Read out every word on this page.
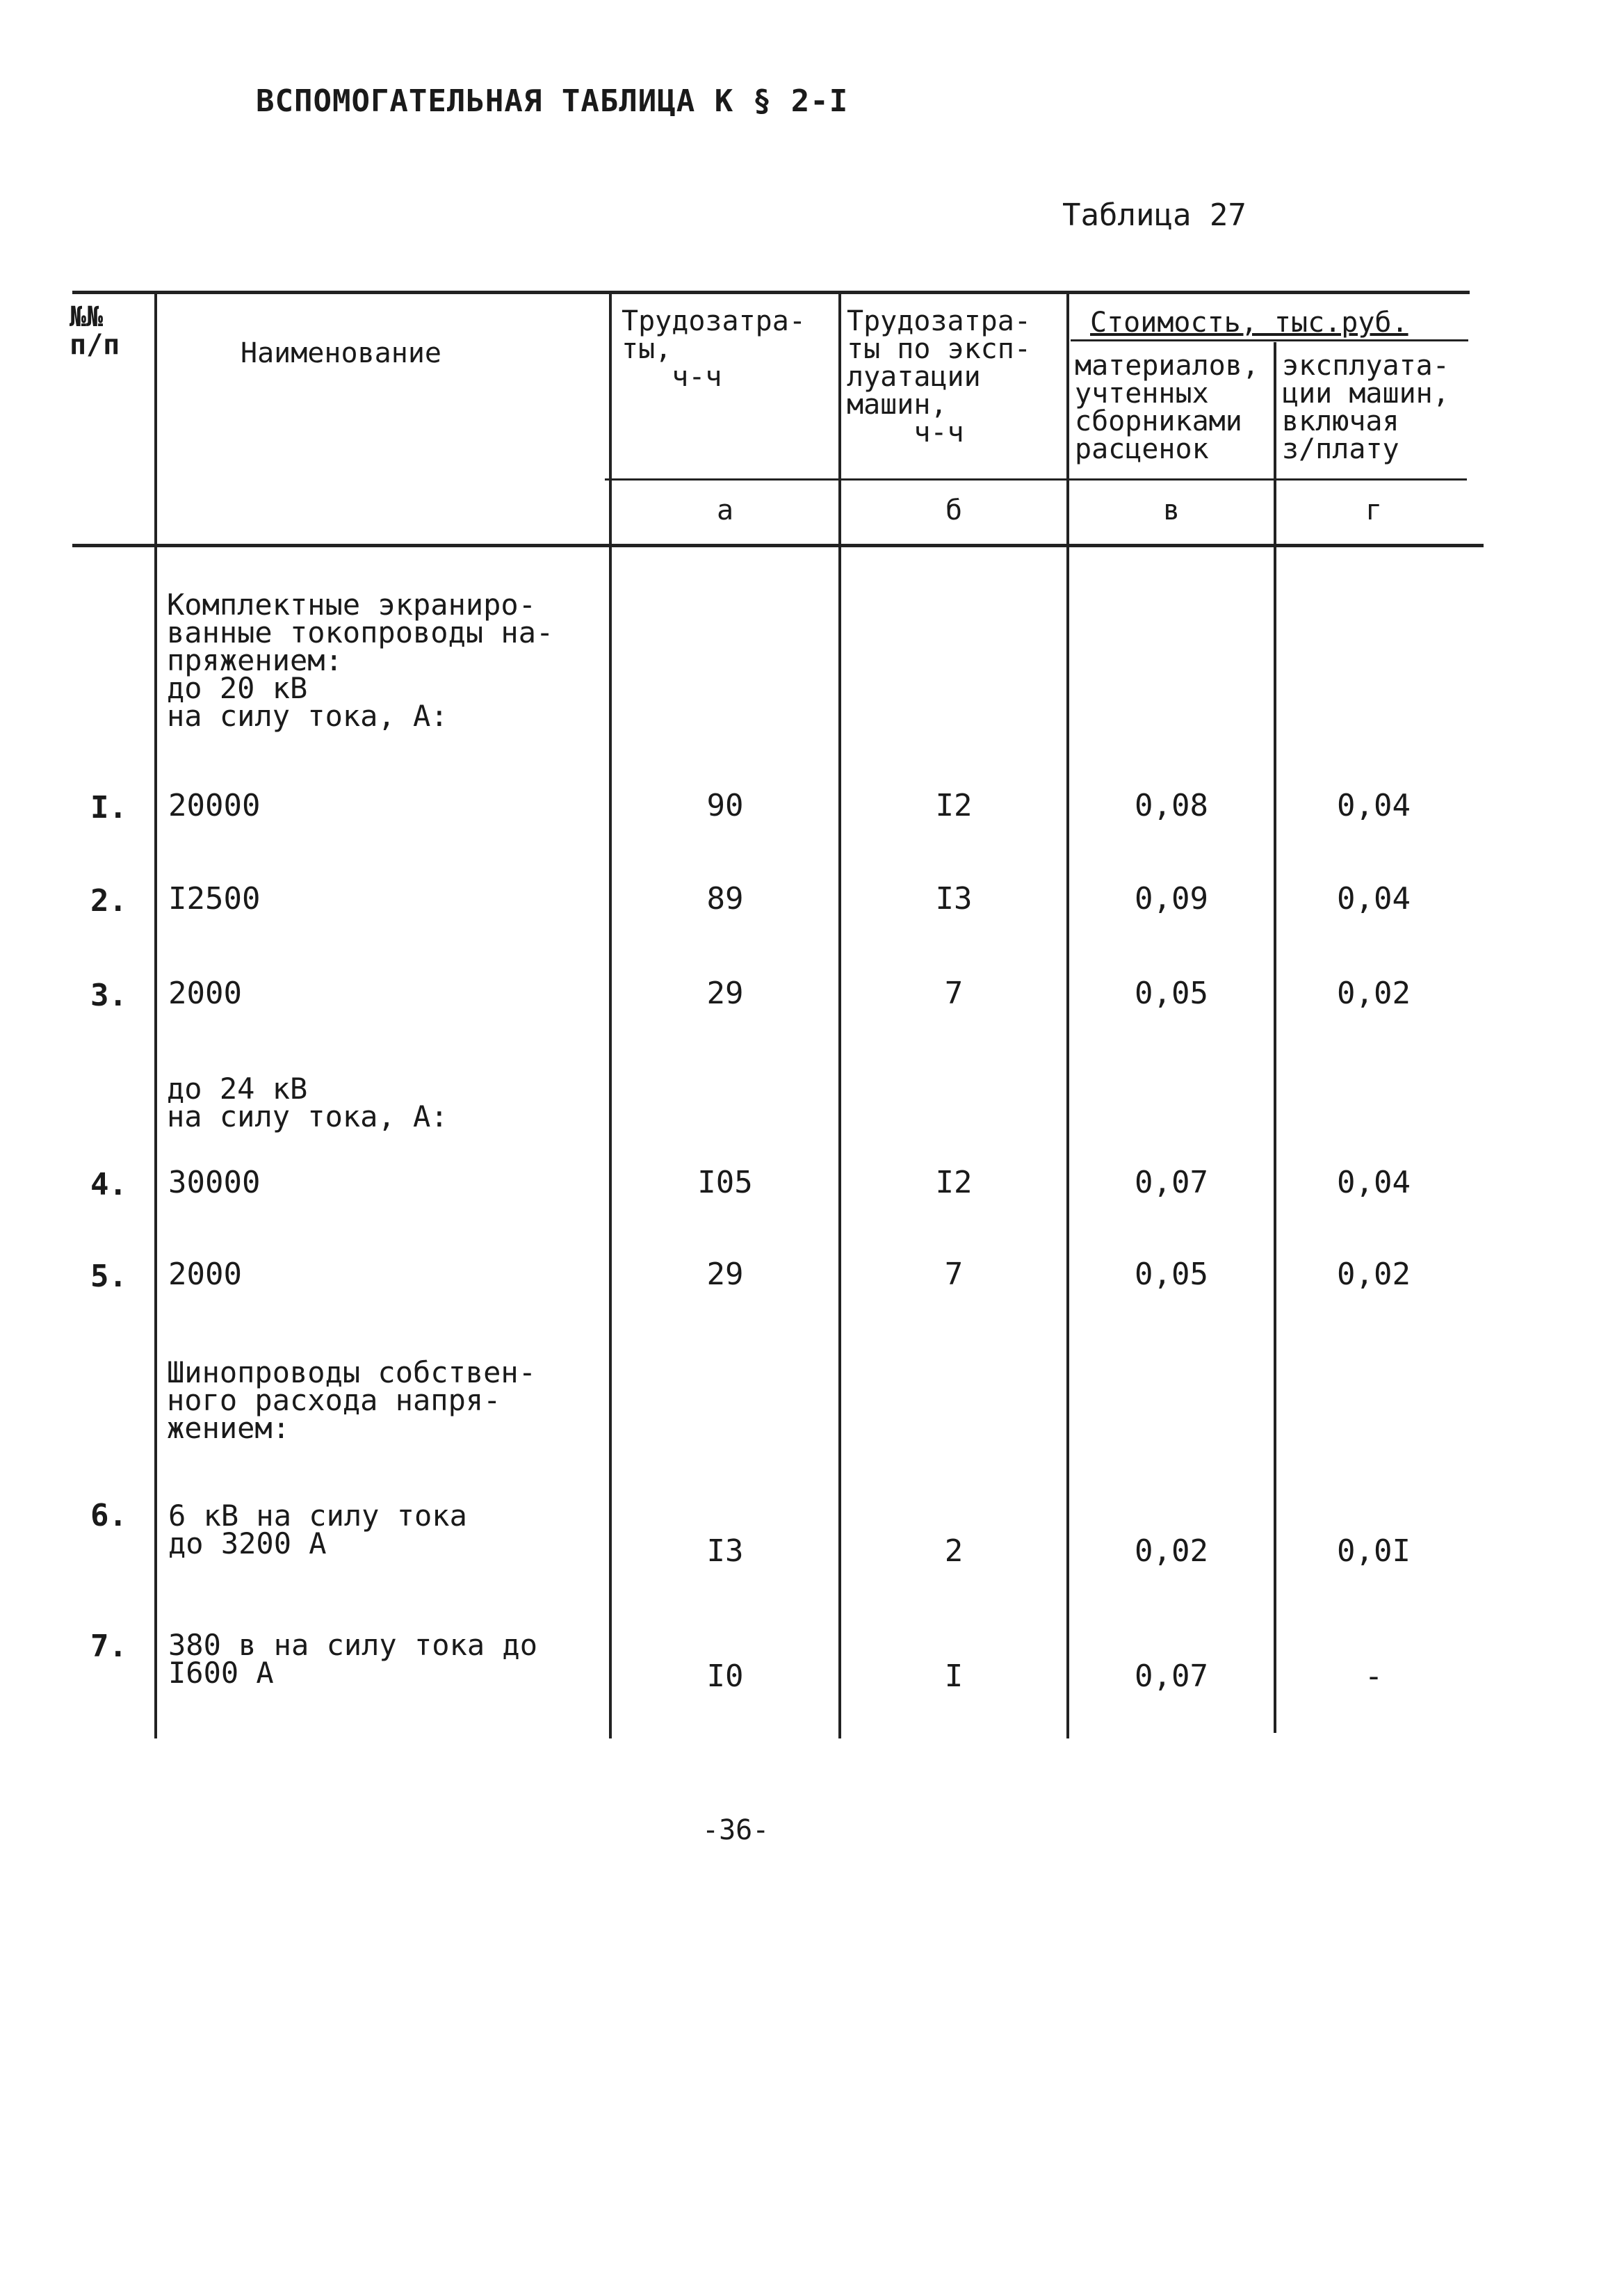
ВСПОМОГАТЕЛЬНАЯ ТАБЛИЦА К § 2-I
Таблица 27
№№
п/п	Наименование
Трудозатра-
ты,
ч-ч
Трудозатра-
ты по эксп-
луатации
машин,
ч-ч
Стоимость, тыс.руб.
материалов,
учтенных
сборниками
расценок
эксплуата-
ции машин,
включая
з/плату
а	б	в	г
Комплектные экраниро-
ванные токопроводы на-
пряжением:
до 20 кВ
на силу тока, А:
до 24 кВ
на силу тока, А:
Шинопроводы собствен-
ного расхода напря-
жением:
I. 20000	90	I2	0,08	0,04
2. I2500	89	I3	0,09	0,04
3. 2000	29	7	0,05	0,02
4. 30000	I05	I2	0,07	0,04
5. 2000	29	7	0,05	0,02
6. 6 кВ на силу тока
до 3200 А	I3	2	0,02	0,0I
7. 380 в на силу тока до
I600 А	I0	I	0,07	-
-36-
